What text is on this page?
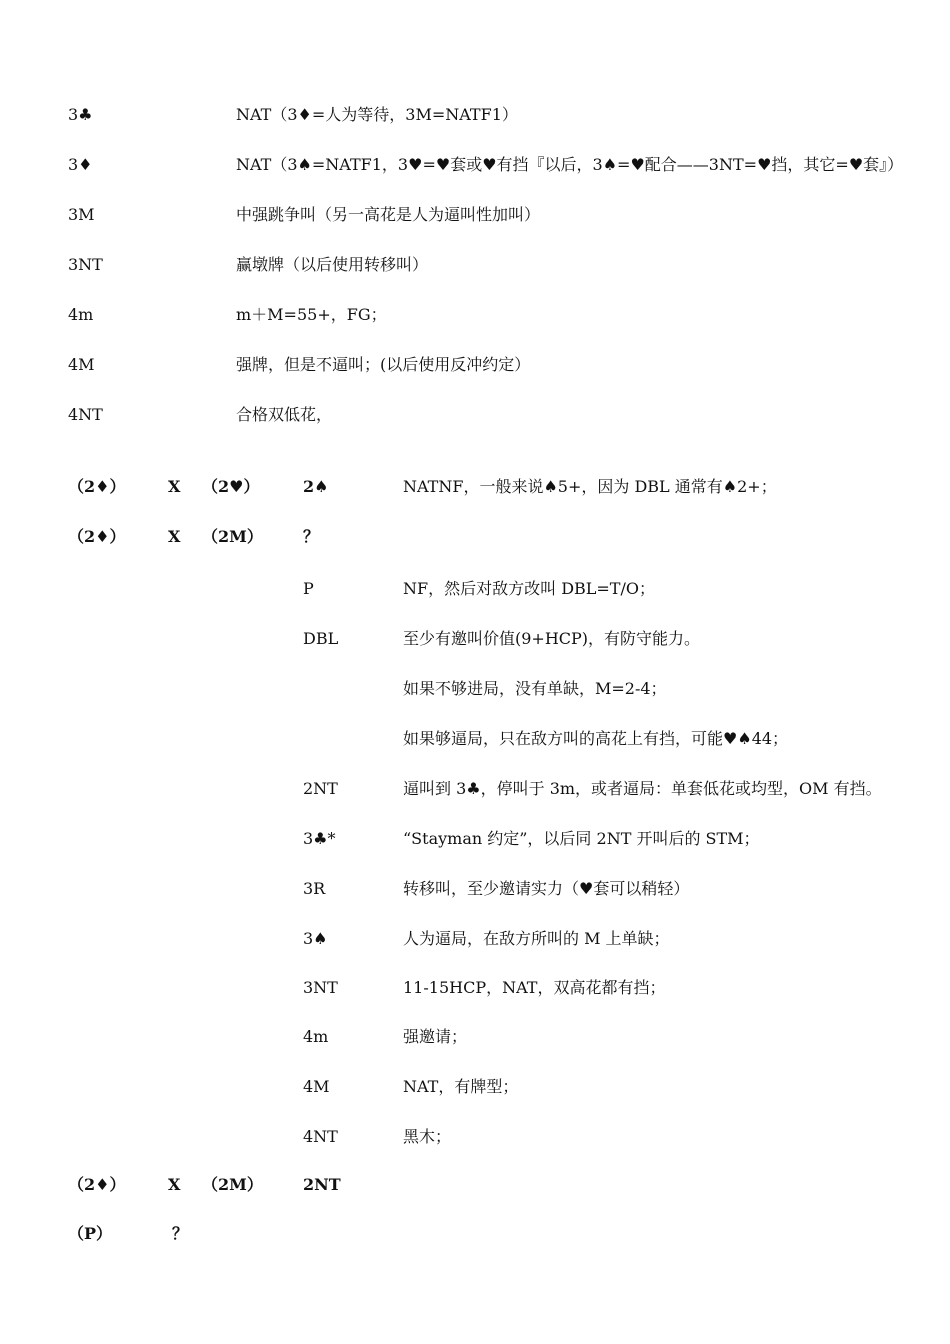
3♣	NAT（3♦=人为等待，3M=NATF1）
3♦	NAT（3♠=NATF1，3♥=♥套或♥有挡『以后，3♠=♥配合——3NT=♥挡，其它=♥套』）
3M	中强跳争叫（另一高花是人为逼叫性加叫）
3NT	赢墩牌（以后使用转移叫）
4m	m＋M=55+，FG；
4M	强牌，但是不逼叫；(以后使用反冲约定）
4NT	合格双低花，
（2♦）	X （2♥）	2♠	NATNF，一般来说♠5+，因为 DBL 通常有♠2+；
（2♦）	X （2M）	？
P	NF，然后对敌方改叫 DBL=T/O；
DBL	至少有邀叫价值(9+HCP)，有防守能力。
如果不够进局，没有单缺，M=2-4；
如果够逼局，只在敌方叫的高花上有挡，可能♥♠44；
2NT	逼叫到 3♣，停叫于 3m，或者逼局：单套低花或均型，OM 有挡。
3♣*	“Stayman 约定”，以后同 2NT 开叫后的 STM；
3R	转移叫，至少邀请实力（♥套可以稍轻）
3♠	人为逼局，在敌方所叫的 M 上单缺；
3NT	11-15HCP，NAT，双高花都有挡；
4m	强邀请；
4M	NAT，有牌型；
4NT	黑木；
（2♦）	X （2M）	2NT
（P）	？
